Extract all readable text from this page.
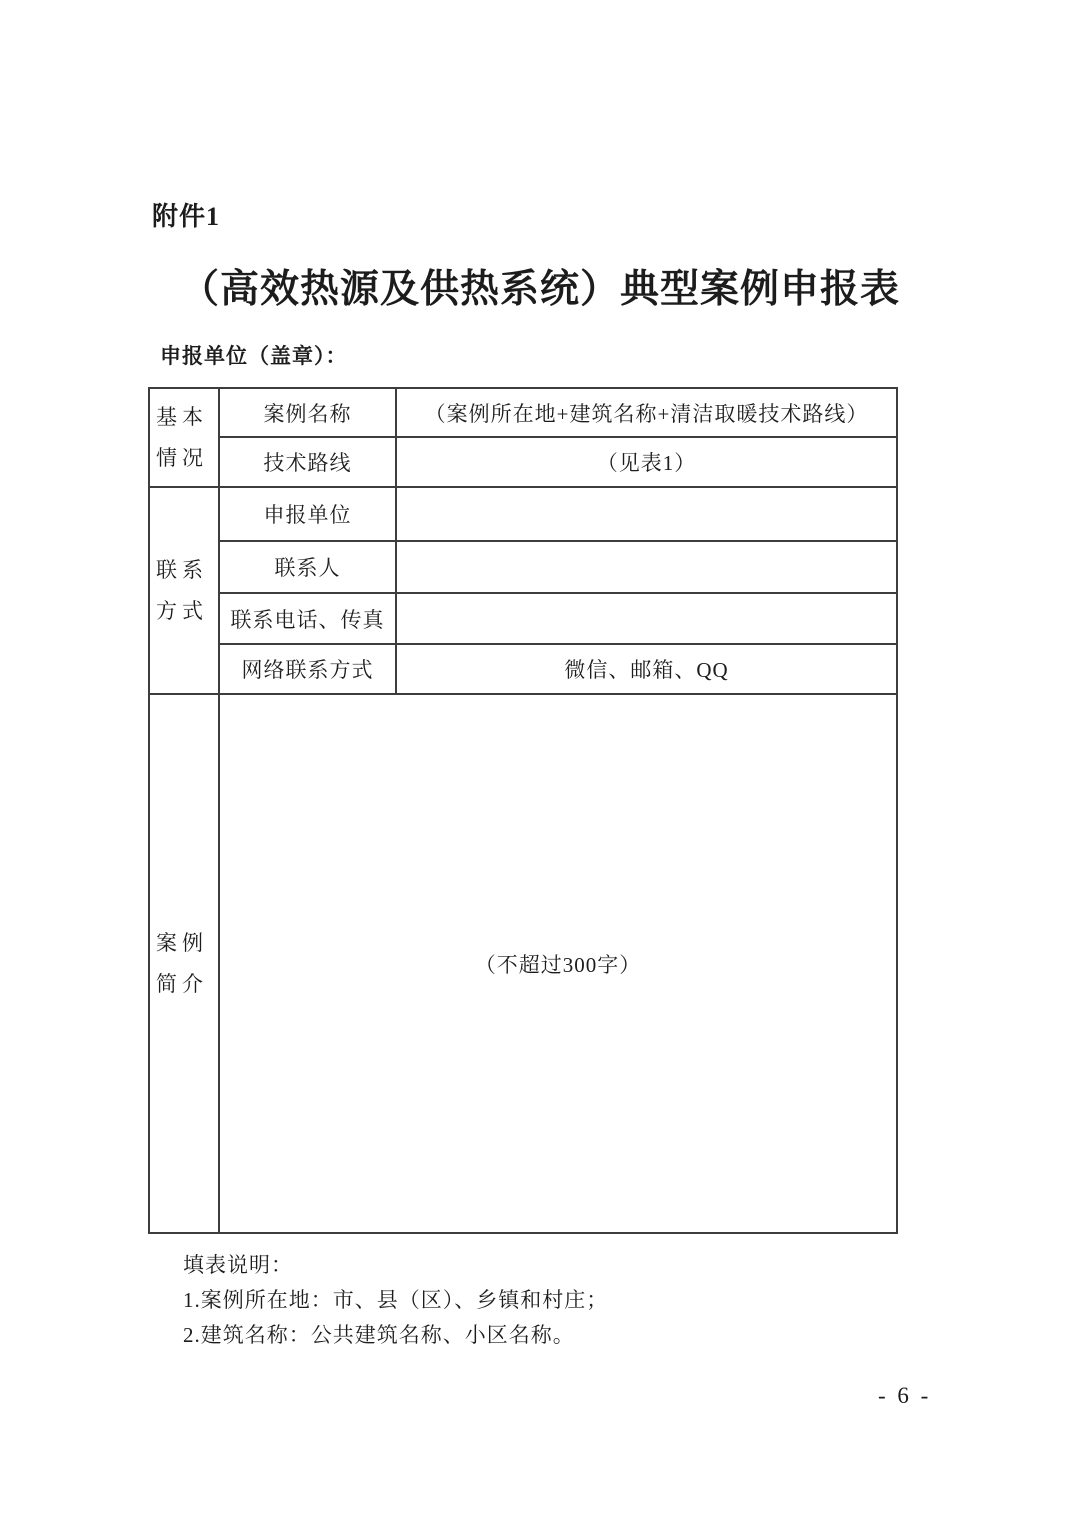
附件1
（高效热源及供热系统）典型案例申报表
申报单位（盖章）：
基本情况	案例名称	（案例所在地+建筑名称+清洁取暖技术路线）
	技术路线	（见表1）
联系方式	申报单位	
	联系人	
	联系电话、传真	
	网络联系方式	微信、邮箱、QQ
案例简介	（不超过300字）	
填表说明：
1.案例所在地：市、县（区）、乡镇和村庄；
2.建筑名称：公共建筑名称、小区名称。
- 6 -
